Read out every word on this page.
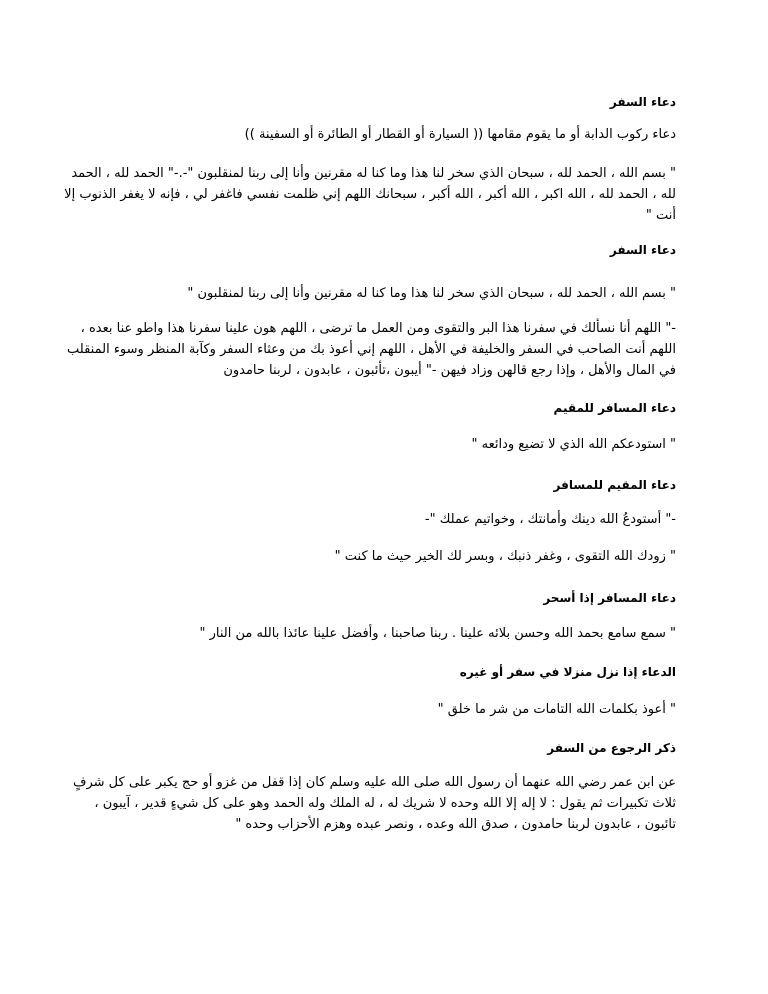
دعاء السفر
دعاء ركوب الدابة أو ما يقوم مقامها (( السيارة أو القطار أو الطائرة أو السفينة ))
" بسم الله ، الحمد لله ، سبحان الذي سخر لنا هذا وما كنا له مقرنين وأنا إلى ربنا لمنقلبون "-.-" الحمد لله ، الحمد لله ، الحمد لله ، الله اكبر ، الله أكبر ، الله أكبر ، سبحانك اللهم إني ظلمت نفسي فاغفر لي ، فإنه لا يغفر الذنوب إلا أنت "
دعاء السفر
" بسم الله ، الحمد لله ، سبحان الذي سخر لنا هذا وما كنا له مقرنين وأنا إلى ربنا لمنقلبون "
-" اللهم أنا نسألك في سفرنا هذا البر والتقوى ومن العمل ما ترضى ، اللهم هون علينا سفرنا هذا واطو عنا بعده ، اللهم أنت الصاحب في السفر والخليفة في الأهل ، اللهم إني أعوذ بك من وعثاء السفر وكآبة المنظر وسوء المنقلب في المال والأهل ، وإذا رجع قالهن وزاد فيهن -" أيبون ،تأئبون ، عابدون ، لربنا حامدون
دعاء المسافر للمقيم
" استودعكم الله الذي لا تضيع ودائعه "
دعاء المقيم للمسافر
-" أستودعُ الله دينك وأمانتك ، وخواتيم عملك "-
" زودك الله التقوى ، وغفر ذنبك ، وبسر لك الخير حيث ما كنت "
دعاء المسافر إذا أسحر
" سمع سامع بحمد الله وحسن بلائه علينا . ربنا صاحبنا ، وأفضل علينا عائذا بالله من النار "
الدعاء إذا نزل منزلا في سفر أو غيره
" أعوذ بكلمات الله التامات من شر ما خلق "
ذكر الرجوع من السفر
عن ابن عمر رضي الله عنهما أن رسول الله صلى الله عليه وسلم كان إذا قفل من غزو أو حج يكبر على كل شرفٍ ثلاث تكبيرات ثم يقول : لا إله إلا الله وحده لا شريك له ، له الملك وله الحمد وهو على كل شيءٍ قدير ، آيبون ، تائبون ، عابدون لربنا حامدون ، صدق الله وعده ، ونصر عبده وهزم الأحزاب وحده "
